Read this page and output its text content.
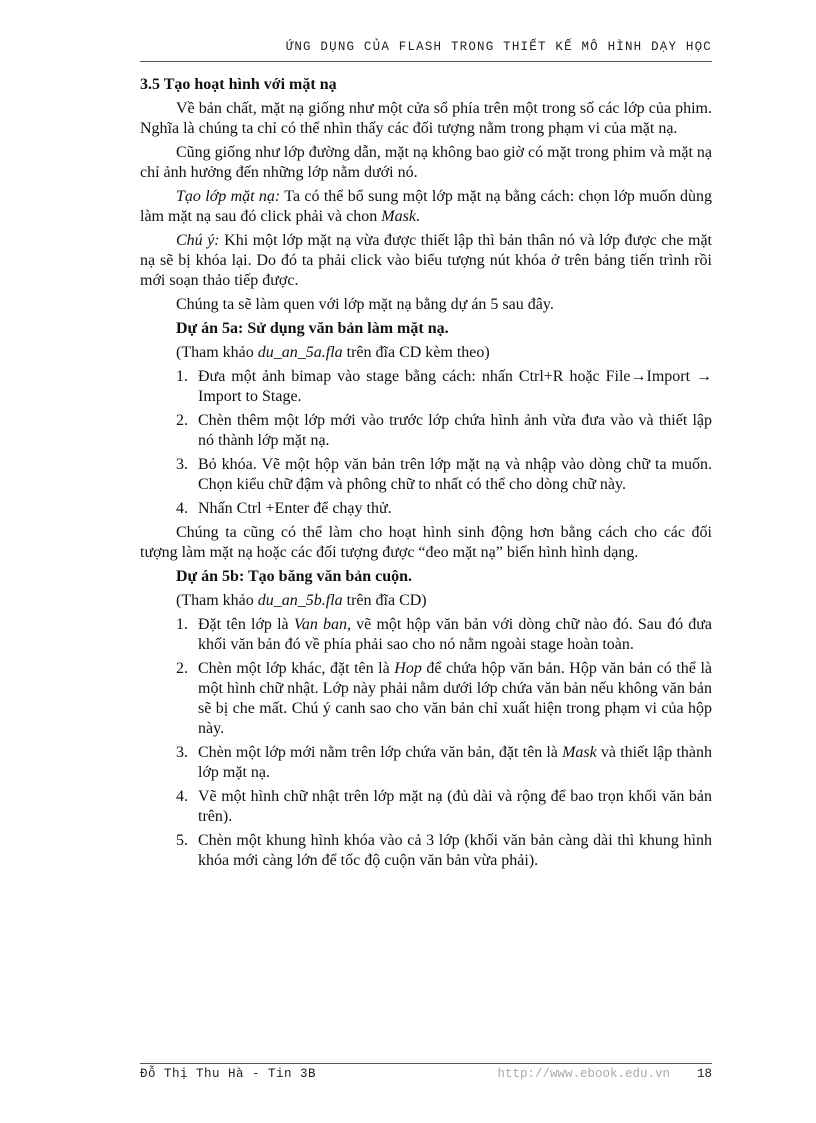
ỨNG DỤNG CỦA FLASH TRONG THIẾT KẾ MÔ HÌNH DẠY HỌC
3.5 Tạo hoạt hình với mặt nạ

Về bản chất, mặt nạ giống như một cửa sổ phía trên một trong số các lớp của phim. Nghĩa là chúng ta chỉ có thể nhìn thấy các đối tượng nằm trong phạm vi của mặt nạ.

Cũng giống như lớp đường dẫn, mặt nạ không bao giờ có mặt trong phim và mặt nạ chỉ ảnh hưởng đến những lớp nằm dưới nó.

Tạo lớp mặt nạ: Ta có thể bổ sung một lớp mặt nạ bằng cách: chọn lớp muốn dùng làm mặt nạ sau đó click phải và chon Mask.

Chú ý: Khi một lớp mặt nạ vừa được thiết lập thì bản thân nó và lớp được che mặt nạ sẽ bị khóa lại. Do đó ta phải click vào biểu tượng nút khóa ở trên bảng tiến trình rồi mới soạn thảo tiếp được.

Chúng ta sẽ làm quen với lớp mặt nạ bằng dự án 5 sau đây.

Dự án 5a: Sử dụng văn bản làm mặt nạ.

(Tham khảo du_an_5a.fla trên đĩa CD kèm theo)

1. Đưa một ảnh bimap vào stage bằng cách: nhấn Ctrl+R hoặc File→Import → Import to Stage.
2. Chèn thêm một lớp mới vào trước lớp chứa hình ảnh vừa đưa vào và thiết lập nó thành lớp mặt nạ.
3. Bỏ khóa. Vẽ một hộp văn bản trên lớp mặt nạ và nhập vào dòng chữ ta muốn. Chọn kiểu chữ đậm và phông chữ to nhất có thể cho dòng chữ này.
4. Nhấn Ctrl +Enter để chạy thử.

Chúng ta cũng có thể làm cho hoạt hình sinh động hơn bằng cách cho các đối tượng làm mặt nạ hoặc các đối tượng được “đeo mặt nạ” biến hình hình dạng.

Dự án 5b: Tạo băng văn bản cuộn.

(Tham khảo du_an_5b.fla trên đĩa CD)

1. Đặt tên lớp là Van ban, vẽ một hộp văn bản với dòng chữ nào đó. Sau đó đưa khối văn bản đó về phía phải sao cho nó nằm ngoài stage hoàn toàn.
2. Chèn một lớp khác, đặt tên là Hop để chứa hộp văn bản. Hộp văn bản có thể là một hình chữ nhật. Lớp này phải nằm dưới lớp chứa văn bản nếu không văn bản sẽ bị che mất. Chú ý canh sao cho văn bản chỉ xuất hiện trong phạm vi của hộp này.
3. Chèn một lớp mới nằm trên lớp chứa văn bản, đặt tên là Mask và thiết lập thành lớp mặt nạ.
4. Vẽ một hình chữ nhật trên lớp mặt nạ (đủ dài và rộng để bao trọn khối văn bản trên).
5. Chèn một khung hình khóa vào cả 3 lớp (khối văn bản càng dài thì khung hình khóa mới càng lớn để tốc độ cuộn văn bản vừa phải).
Đỗ Thị Thu Hà - Tin 3B	http://www.ebook.edu.vn 18
